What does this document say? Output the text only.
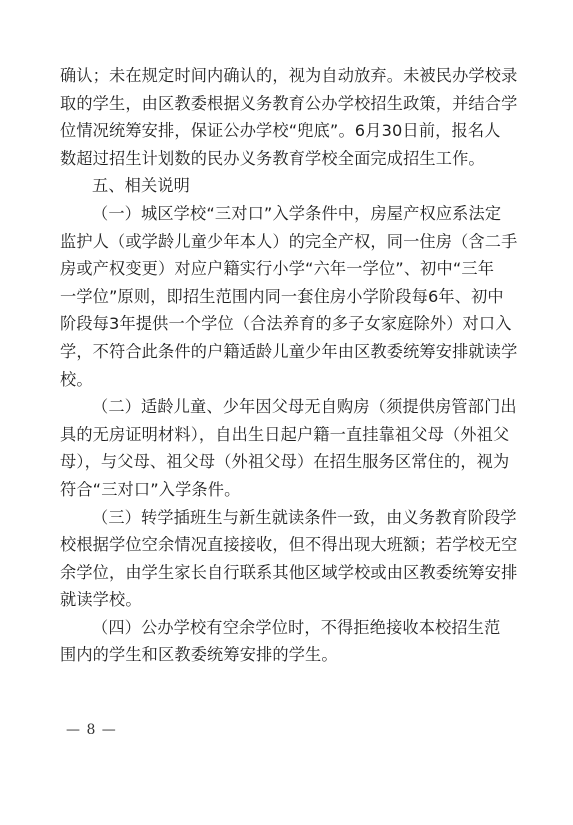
确认；未在规定时间内确认的，视为自动放弃。未被民办学校录
取的学生，由区教委根据义务教育公办学校招生政策，并结合学
位情况统筹安排，保证公办学校“兜底”。6月30日前，报名人
数超过招生计划数的民办义务教育学校全面完成招生工作。
五、相关说明
（一）城区学校“三对口”入学条件中，房屋产权应系法定
监护人（或学龄儿童少年本人）的完全产权，同一住房（含二手
房或产权变更）对应户籍实行小学“六年一学位”、初中“三年
一学位”原则，即招生范围内同一套住房小学阶段每6年、初中
阶段每3年提供一个学位（合法养育的多子女家庭除外）对口入
学，不符合此条件的户籍适龄儿童少年由区教委统筹安排就读学
校。
（二）适龄儿童、少年因父母无自购房（须提供房管部门出
具的无房证明材料），自出生日起户籍一直挂靠祖父母（外祖父
母），与父母、祖父母（外祖父母）在招生服务区常住的，视为
符合“三对口”入学条件。
（三）转学插班生与新生就读条件一致，由义务教育阶段学
校根据学位空余情况直接接收，但不得出现大班额；若学校无空
余学位，由学生家长自行联系其他区域学校或由区教委统筹安排
就读学校。
（四）公办学校有空余学位时，不得拒绝接收本校招生范
围内的学生和区教委统筹安排的学生。
— 8 —
